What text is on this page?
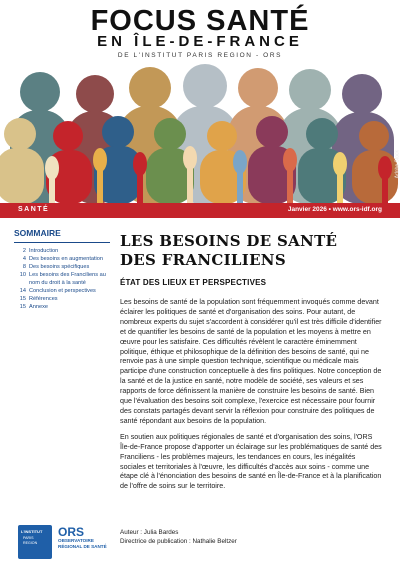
FOCUS SANTÉ
EN ÎLE-DE-FRANCE
DE L'INSTITUT PARIS REGION - ORS
Adobe Stock
SANTÉ	Janvier 2026 • www.ors-idf.org
SOMMAIRE
2 Introduction
4 Des besoins en augmentation
8 Des besoins spécifiques
10 Les besoins des Franciliens au nom du droit à la santé
14 Conclusion et perspectives
15 Références
15 Annexe
LES BESOINS DE SANTÉ
DES FRANCILIENS
ÉTAT DES LIEUX ET PERSPECTIVES

Les besoins de santé de la population sont fréquemment invoqués comme devant éclairer les politiques de santé et d'organisation des soins. Pour autant, de nombreux experts du sujet s'accordent à considérer qu'il est très difficile d'identifier et de quantifier les besoins de santé de la population et les moyens à mettre en œuvre pour les satisfaire. Ces difficultés révèlent le caractère éminemment politique, éthique et philosophique de la définition des besoins de santé, qui ne renvoie pas à une simple question technique, scientifique ou médicale mais participe d'une construction conceptuelle à des fins politiques. Notre conception de la santé et de la justice en santé, notre modèle de société, ses valeurs et ses rapports de force définissent la manière de construire les besoins de santé. Bien que l'évaluation des besoins soit complexe, l'exercice est nécessaire pour fournir des constats partagés devant servir la réflexion pour construire des politiques de santé répondant aux besoins de la population.

En soutien aux politiques régionales de santé et d'organisation des soins, l'ORS Île-de-France propose d'apporter un éclairage sur les problématiques de santé des Franciliens - les problèmes majeurs, les tendances en cours, les inégalités sociales et territoriales à l'œuvre, les difficultés d'accès aux soins - comme une étape clé à l'énonciation des besoins de santé en Île-de-France et à la planification de l'offre de soins sur le territoire.

Auteur : Julia Bardes
Directrice de publication : Nathalie Beltzer
L'INSTITUT
PARIS
REGION
ORS
OBSERVATOIRE
RÉGIONAL DE SANTÉ
